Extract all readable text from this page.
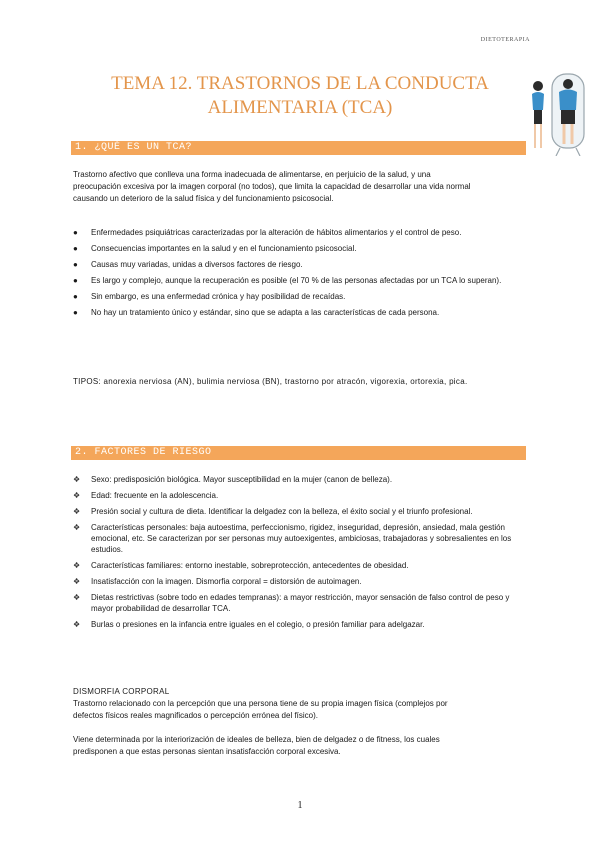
DIETOTERAPIA
TEMA 12. TRASTORNOS DE LA CONDUCTA
ALIMENTARIA (TCA)
1. ¿QUÉ ES UN TCA?
Trastorno afectivo que conlleva una forma inadecuada de alimentarse, en perjuicio de la salud, y una
preocupación excesiva por la imagen corporal (no todos), que limita la capacidad de desarrollar una vida normal
causando un deterioro de la salud física y del funcionamiento psicosocial.
● Enfermedades psiquiátricas caracterizadas por la alteración de hábitos alimentarios y el control de peso.
● Consecuencias importantes en la salud y en el funcionamiento psicosocial.
● Causas muy variadas, unidas a diversos factores de riesgo.
● Es largo y complejo, aunque la recuperación es posible (el 70 % de las personas afectadas por un TCA lo superan).
● Sin embargo, es una enfermedad crónica y hay posibilidad de recaídas.
● No hay un tratamiento único y estándar, sino que se adapta a las características de cada persona.
TIPOS: anorexia nerviosa (AN), bulimia nerviosa (BN), trastorno por atracón, vigorexia, ortorexia, pica.
2. FACTORES DE RIESGO
❖ Sexo: predisposición biológica. Mayor susceptibilidad en la mujer (canon de belleza).
❖ Edad: frecuente en la adolescencia.
❖ Presión social y cultura de dieta. Identificar la delgadez con la belleza, el éxito social y el triunfo profesional.
❖ Características personales: baja autoestima, perfeccionismo, rigidez, inseguridad, depresión, ansiedad, mala gestión emocional, etc. Se caracterizan por ser personas muy autoexigentes, ambiciosas, trabajadoras y sobresalientes en los estudios.
❖ Características familiares: entorno inestable, sobreprotección, antecedentes de obesidad.
❖ Insatisfacción con la imagen. Dismorfia corporal = distorsión de autoimagen.
❖ Dietas restrictivas (sobre todo en edades tempranas): a mayor restricción, mayor sensación de falso control de peso y mayor probabilidad de desarrollar TCA.
❖ Burlas o presiones en la infancia entre iguales en el colegio, o presión familiar para adelgazar.
DISMORFIA CORPORAL
Trastorno relacionado con la percepción que una persona tiene de su propia imagen física (complejos por
defectos físicos reales magnificados o percepción errónea del físico).
Viene determinada por la interiorización de ideales de belleza, bien de delgadez o de fitness, los cuales
predisponen a que estas personas sientan insatisfacción corporal excesiva.
1
